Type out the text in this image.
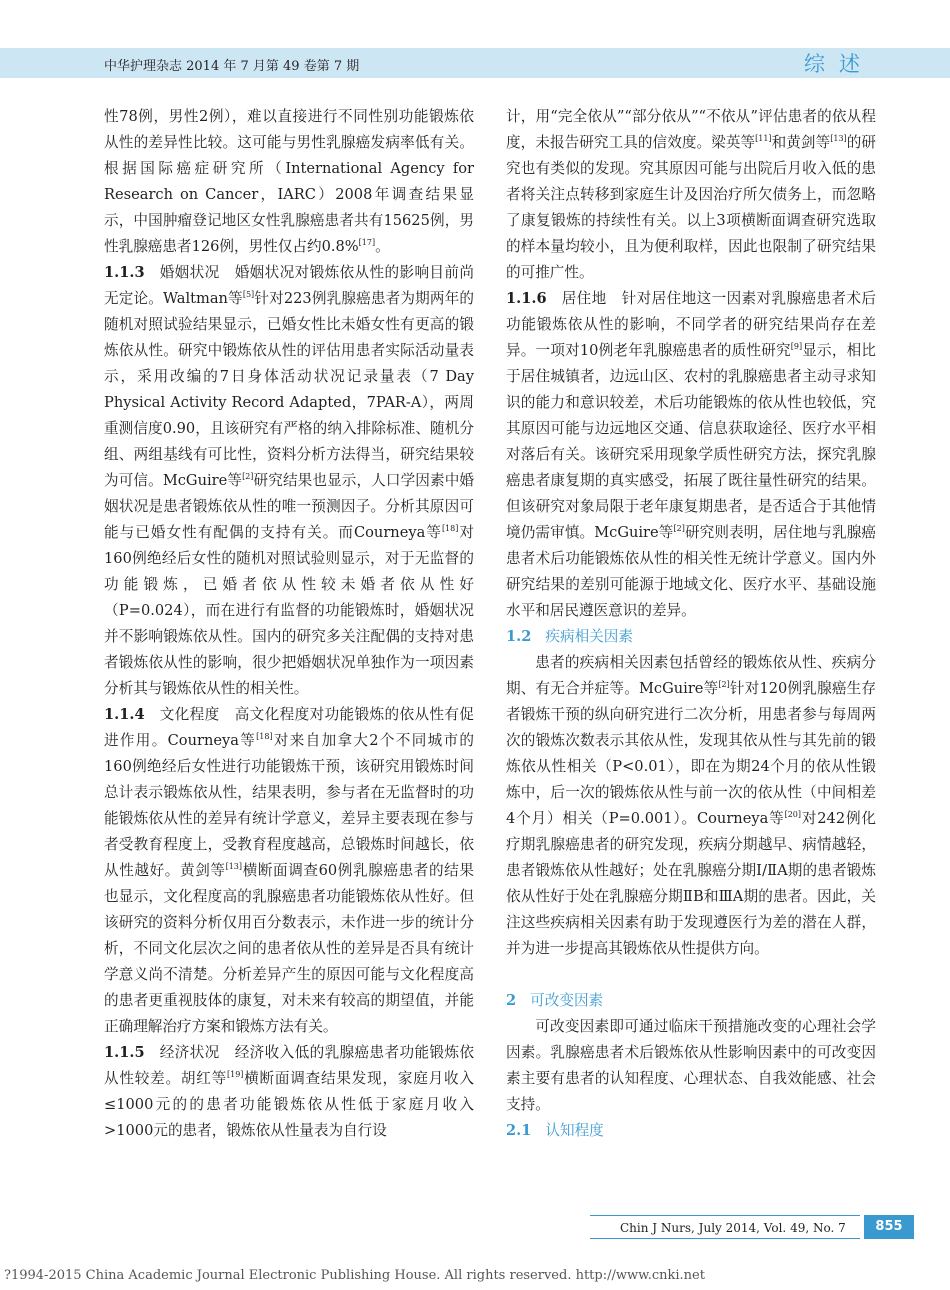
中华护理杂志 2014 年 7 月第 49 卷第 7 期	综述

性78例，男性2例），难以直接进行不同性别功能锻炼依从性的差异性比较。这可能与男性乳腺癌发病率低有关。根据国际癌症研究所（International Agency for Research on Cancer，IARC）2008年调查结果显示，中国肿瘤登记地区女性乳腺癌患者共有15625例，男性乳腺癌患者126例，男性仅占约0.8%[17]。

1.1.3 婚姻状况 婚姻状况对锻炼依从性的影响目前尚无定论。Waltman等[5]针对223例乳腺癌患者为期两年的随机对照试验结果显示，已婚女性比未婚女性有更高的锻炼依从性。研究中锻炼依从性的评估用患者实际活动量表示，采用改编的7日身体活动状况记录量表（7 Day Physical Activity Record Adapted，7PAR-A），两周重测信度0.90，且该研究有严格的纳入排除标准、随机分组、两组基线有可比性，资料分析方法得当，研究结果较为可信。McGuire等[2]研究结果也显示，人口学因素中婚姻状况是患者锻炼依从性的唯一预测因子。分析其原因可能与已婚女性有配偶的支持有关。而Courneya等[18]对160例绝经后女性的随机对照试验则显示，对于无监督的功能锻炼，已婚者依从性较未婚者依从性好（P=0.024），而在进行有监督的功能锻炼时，婚姻状况并不影响锻炼依从性。国内的研究多关注配偶的支持对患者锻炼依从性的影响，很少把婚姻状况单独作为一项因素分析其与锻炼依从性的相关性。

1.1.4 文化程度 高文化程度对功能锻炼的依从性有促进作用。Courneya等[18]对来自加拿大2个不同城市的160例绝经后女性进行功能锻炼干预，该研究用锻炼时间总计表示锻炼依从性，结果表明，参与者在无监督时的功能锻炼依从性的差异有统计学意义，差异主要表现在参与者受教育程度上，受教育程度越高，总锻炼时间越长，依从性越好。黄剑等[13]横断面调查60例乳腺癌患者的结果也显示，文化程度高的乳腺癌患者功能锻炼依从性好。但该研究的资料分析仅用百分数表示，未作进一步的统计分析，不同文化层次之间的患者依从性的差异是否具有统计学意义尚不清楚。分析差异产生的原因可能与文化程度高的患者更重视肢体的康复，对未来有较高的期望值，并能正确理解治疗方案和锻炼方法有关。

1.1.5 经济状况 经济收入低的乳腺癌患者功能锻炼依从性较差。胡红等[19]横断面调查结果发现，家庭月收入≤1000元的的患者功能锻炼依从性低于家庭月收入>1000元的患者，锻炼依从性量表为自行设

计，用“完全依从”“部分依从”“不依从”评估患者的依从程度，未报告研究工具的信效度。梁英等[11]和黄剑等[13]的研究也有类似的发现。究其原因可能与出院后月收入低的患者将关注点转移到家庭生计及因治疗所欠债务上，而忽略了康复锻炼的持续性有关。以上3项横断面调查研究选取的样本量均较小，且为便利取样，因此也限制了研究结果的可推广性。

1.1.6 居住地 针对居住地这一因素对乳腺癌患者术后功能锻炼依从性的影响，不同学者的研究结果尚存在差异。一项对10例老年乳腺癌患者的质性研究[9]显示，相比于居住城镇者，边远山区、农村的乳腺癌患者主动寻求知识的能力和意识较差，术后功能锻炼的依从性也较低，究其原因可能与边远地区交通、信息获取途径、医疗水平相对落后有关。该研究采用现象学质性研究方法，探究乳腺癌患者康复期的真实感受，拓展了既往量性研究的结果。但该研究对象局限于老年康复期患者，是否适合于其他情境仍需审慎。McGuire等[2]研究则表明，居住地与乳腺癌患者术后功能锻炼依从性的相关性无统计学意义。国内外研究结果的差别可能源于地域文化、医疗水平、基础设施水平和居民遵医意识的差异。

1.2 疾病相关因素

患者的疾病相关因素包括曾经的锻炼依从性、疾病分期、有无合并症等。McGuire等[2]针对120例乳腺癌生存者锻炼干预的纵向研究进行二次分析，用患者参与每周两次的锻炼次数表示其依从性，发现其依从性与其先前的锻炼依从性相关（P<0.01），即在为期24个月的依从性锻炼中，后一次的锻炼依从性与前一次的依从性（中间相差4个月）相关（P=0.001）。Courneya等[20]对242例化疗期乳腺癌患者的研究发现，疾病分期越早、病情越轻，患者锻炼依从性越好；处在乳腺癌分期Ⅰ/ⅡA期的患者锻炼依从性好于处在乳腺癌分期ⅡB和ⅢA期的患者。因此，关注这些疾病相关因素有助于发现遵医行为差的潜在人群，并为进一步提高其锻炼依从性提供方向。

2 可改变因素

可改变因素即可通过临床干预措施改变的心理社会学因素。乳腺癌患者术后锻炼依从性影响因素中的可改变因素主要有患者的认知程度、心理状态、自我效能感、社会支持。

2.1 认知程度

Chin J Nurs, July 2014, Vol. 49, No. 7	855
?1994-2015 China Academic Journal Electronic Publishing House. All rights reserved. http://www.cnki.net
